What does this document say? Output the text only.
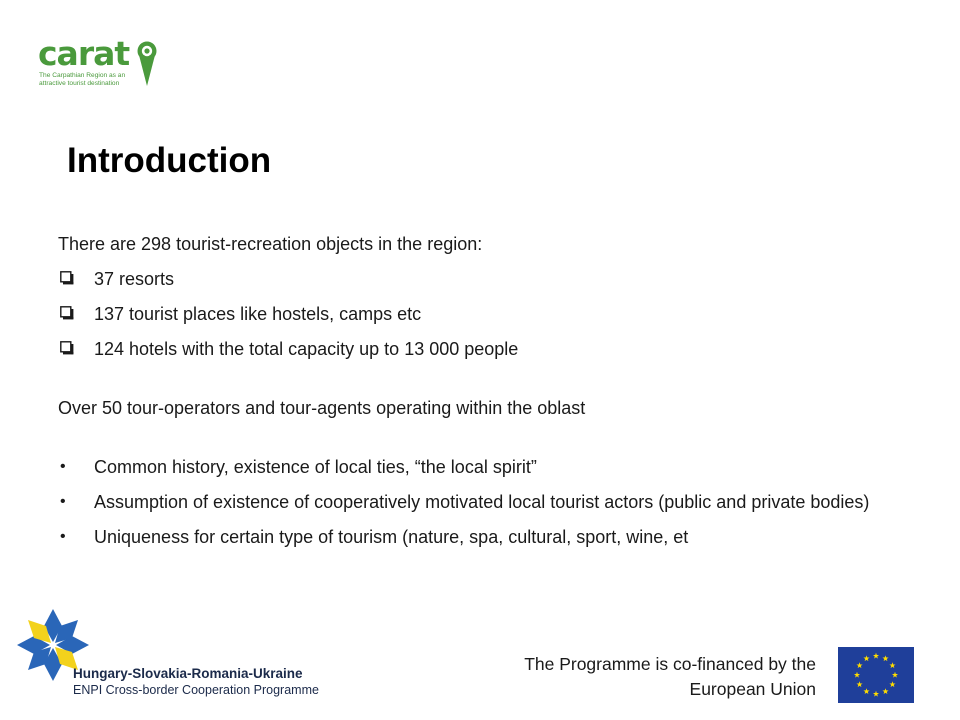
carat
The Carpathian Region as an
attractive tourist destination
Introduction

There are 298 tourist-recreation objects in the region:

37 resorts
137 tourist places like hostels, camps etc
124 hotels with the total capacity up to 13 000 people

Over 50 tour-operators and tour-agents operating within the oblast

• Common history, existence of local ties, “the local spirit”
• Assumption of existence of cooperatively motivated local tourist actors (public and private bodies)
• Uniqueness for certain type of tourism (nature, spa, cultural, sport, wine, et
Hungary-Slovakia-Romania-Ukraine
ENPI Cross-border Cooperation Programme
The Programme is co-financed by the
European Union
